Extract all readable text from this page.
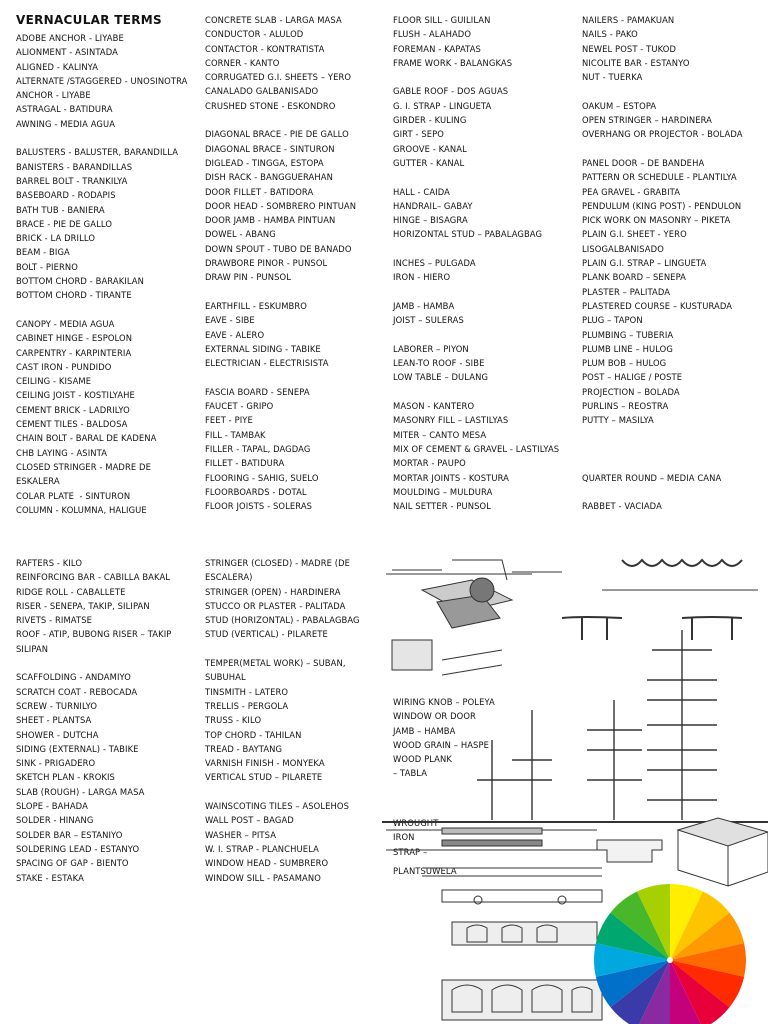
VERNACULAR TERMS
ADOBE ANCHOR - LIYABE
ALIONMENT - ASINTADA
ALIGNED - KALINYA
ALTERNATE /STAGGERED - UNOSINOTRA
ANCHOR - LIYABE
ASTRAGAL - BATIDURA
AWNING - MEDIA AGUA

BALUSTERS - BALUSTER, BARANDILLA
BANISTERS - BARANDILLAS
BARREL BOLT - TRANKILYA
BASEBOARD - RODAPIS
BATH TUB - BANIERA
BRACE - PIE DE GALLO
BRICK - LA DRILLO
BEAM - BIGA
BOLT - PIERNO
BOTTOM CHORD - BARAKILAN
BOTTOM CHORD - TIRANTE

CANOPY - MEDIA AGUA
CABINET HINGE - ESPOLON
CARPENTRY - KARPINTERIA
CAST IRON - PUNDIDO
CEILING - KISAME
CEILING JOIST - KOSTILYAHE
CEMENT BRICK - LADRILYO
CEMENT TILES - BALDOSA
CHAIN BOLT - BARAL DE KADENA
CHB LAYING - ASINTA
CLOSED STRINGER - MADRE DE ESKALERA
COLAR PLATE  - SINTURON
COLUMN - KOLUMNA, HALIGUE
CONCRETE SLAB - LARGA MASA
CONDUCTOR - ALULOD
CONTACTOR - KONTRATISTA
CORNER - KANTO
CORRUGATED G.I. SHEETS – YERO
CANALADO GALBANISADO
CRUSHED STONE - ESKONDRO

DIAGONAL BRACE - PIE DE GALLO
DIAGONAL BRACE - SINTURON
DIGLEAD - TINGGA, ESTOPA
DISH RACK - BANGGUERAHAN
DOOR FILLET - BATIDORA
DOOR HEAD - SOMBRERO PINTUAN
DOOR JAMB - HAMBA PINTUAN
DOWEL - ABANG
DOWN SPOUT - TUBO DE BANADO
DRAWBORE PINOR - PUNSOL
DRAW PIN - PUNSOL

EARTHFILL - ESKUMBRO
EAVE - SIBE
EAVE - ALERO
EXTERNAL SIDING - TABIKE
ELECTRICIAN - ELECTRISISTA

FASCIA BOARD - SENEPA
FAUCET - GRIPO
FEET - PIYE
FILL - TAMBAK
FILLER - TAPAL, DAGDAG
FILLET - BATIDURA
FLOORING - SAHIG, SUELO
FLOORBOARDS - DOTAL
FLOOR JOISTS - SOLERAS
FLOOR SILL - GUILILAN
FLUSH - ALAHADO
FOREMAN - KAPATAS
FRAME WORK - BALANGKAS

GABLE ROOF - DOS AGUAS
G. I. STRAP - LINGUETA
GIRDER - KULING
GIRT - SEPO
GROOVE - KANAL
GUTTER - KANAL

HALL - CAIDA
HANDRAIL– GABAY
HINGE – BISAGRA
HORIZONTAL STUD – PABALAGBAG

INCHES – PULGADA
IRON - HIERO

JAMB - HAMBA
JOIST – SULERAS

LABORER – PIYON
LEAN-TO ROOF - SIBE
LOW TABLE – DULANG

MASON - KANTERO
MASONRY FILL – LASTILYAS
MITER – CANTO MESA
MIX OF CEMENT & GRAVEL - LASTILYAS
MORTAR - PAUPO
MORTAR JOINTS - KOSTURA
MOULDING – MULDURA
NAIL SETTER - PUNSOL
NAILERS - PAMAKUAN
NAILS - PAKO
NEWEL POST - TUKOD
NICOLITE BAR - ESTANYO
NUT - TUERKA

OAKUM – ESTOPA
OPEN STRINGER – HARDINERA
OVERHANG OR PROJECTOR - BOLADA

PANEL DOOR – DE BANDEHA
PATTERN OR SCHEDULE - PLANTILYA
PEA GRAVEL - GRABITA
PENDULUM (KING POST) - PENDULON
PICK WORK ON MASONRY – PIKETA
PLAIN G.I. SHEET - YERO
LISOGALBANISADO
PLAIN G.I. STRAP – LINGUETA
PLANK BOARD – SENEPA
PLASTER – PALITADA
PLASTERED COURSE – KUSTURADA
PLUG – TAPON
PLUMBING – TUBERIA
PLUMB LINE – HULOG
PLUM BOB – HULOG
POST – HALIGE / POSTE
PROJECTION – BOLADA
PURLINS – REOSTRA
PUTTY – MASILYA

QUARTER ROUND – MEDIA CANA

RABBET - VACIADA
RAFTERS - KILO
REINFORCING BAR - CABILLA BAKAL
RIDGE ROLL - CABALLETE
RISER - SENEPA, TAKIP, SILIPAN
RIVETS - RIMATSE
ROOF - ATIP, BUBONG RISER – TAKIP SILIPAN

SCAFFOLDING - ANDAMIYO
SCRATCH COAT - REBOCADA
SCREW - TURNILYO
SHEET - PLANTSA
SHOWER - DUTCHA
SIDING (EXTERNAL) - TABIKE
SINK - PRIGADERO
SKETCH PLAN - KROKIS
SLAB (ROUGH) - LARGA MASA
SLOPE - BAHADA
SOLDER - HINANG
SOLDER BAR – ESTANIYO
SOLDERING LEAD - ESTANYO
SPACING OF GAP - BIENTO
STAKE - ESTAKA
STRINGER (CLOSED) - MADRE (DE ESCALERA)
STRINGER (OPEN) - HARDINERA
STUCCO OR PLASTER - PALITADA
STUD (HORIZONTAL) - PABALAGBAG
STUD (VERTICAL) - PILARETE

TEMPER(METAL WORK) – SUBAN, SUBUHAL
TINSMITH - LATERO
TRELLIS - PERGOLA
TRUSS - KILO
TOP CHORD - TAHILAN
TREAD - BAYTANG
VARNISH FINISH - MONYEKA
VERTICAL STUD – PILARETE

WAINSCOTING TILES – ASOLEHOS
WALL POST – BAGAD
WASHER – PITSA
W. I. STRAP - PLANCHUELA
WINDOW HEAD - SUMBRERO
WINDOW SILL - PASAMANO
WIRING KNOB – POLEYA
WINDOW OR DOOR
JAMB – HAMBA
WOOD GRAIN – HASPE
WOOD PLANK
– TABLA
WROUGHT IRON
STRAP –
PLANTSUWELA
